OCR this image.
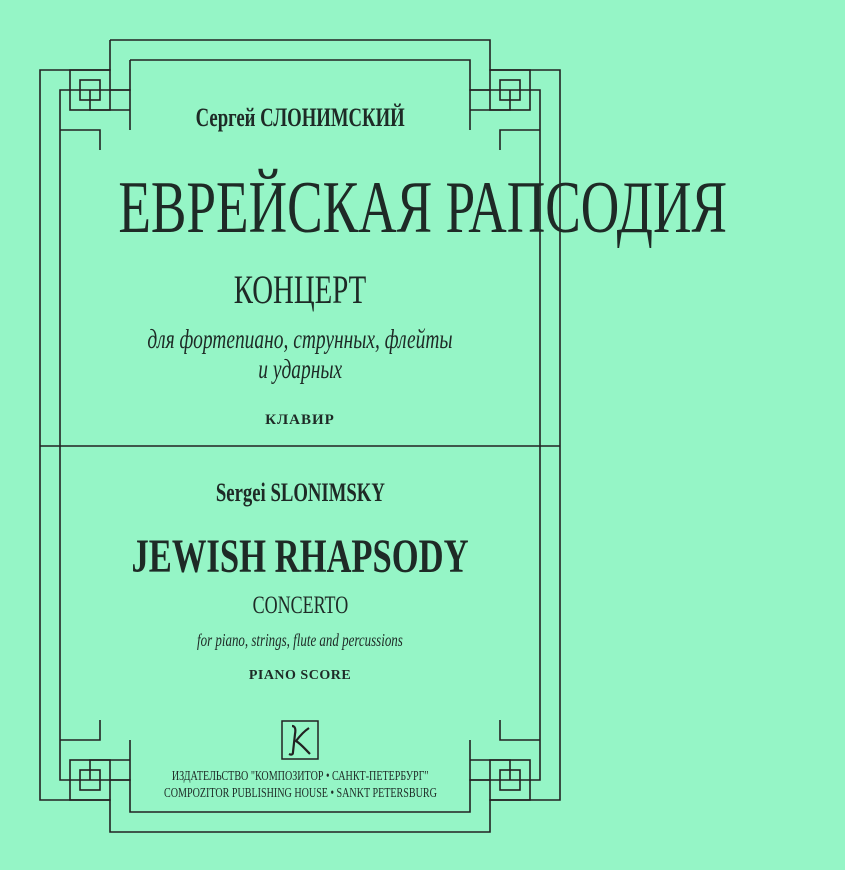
Сергей СЛОНИМСКИЙ
ЕВРЕЙСКАЯ РАПСОДИЯ
КОНЦЕРТ
для фортепиано, струнных, флейты
и ударных
КЛАВИР
Sergei SLONIMSKY
JEWISH RHAPSODY
CONCERTO
for piano, strings, flute and percussions
PIANO SCORE
ИЗДАТЕЛЬСТВО "КОМПОЗИТОР • САНКТ-ПЕТЕРБУРГ"
COMPOZITOR PUBLISHING HOUSE • SANKT PETERSBURG
